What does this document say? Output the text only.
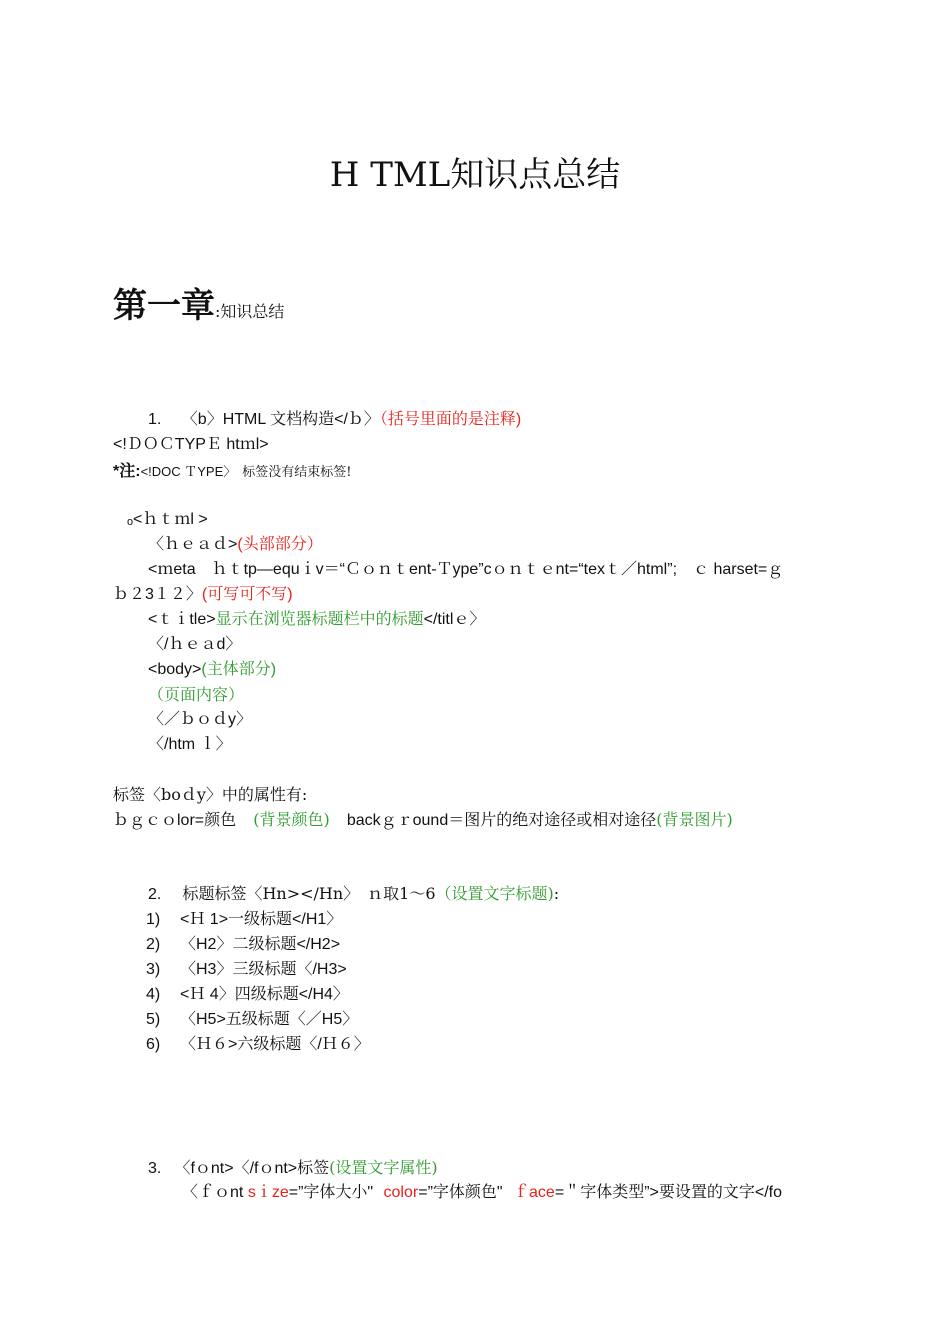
H TML知识点总结
第一章:知识总结
1. 〈b〉HTML 文档构造</ｂ〉（括号里面的是注释)
<!ＤＯＣTYPＥ htｍl>
*注:<!DOC ＴYPE〉 标签没有结束标签!
ₒ<ｈｔｍl >
〈ｈｅａｄ>(头部部分）
<ｍeta　ｈｔtp—equｉv＝“Ｃｏｎｔent-Ｔype”cｏｎｔｅnt=“texｔ／html”;　ｃ harset=ｇ
ｂ２3１２〉(可写可不写)
<ｔｉtle>显示在浏览器标题栏中的标题</titlｅ〉
〈/ｈｅａd〉
<body>(主体部分)
（页面内容）
〈／ｂｏｄy〉
〈/htm ｌ〉
标签〈boｄy〉中的属性有:
ｂｇｃｏlor=颜色 (背景颜色) backｇｒound＝图片的绝对途径或相对途径(背景图片)
2. 标题标签〈Hn></Hn〉　ｎ取1～6（设置文字标题):
1) <Ｈ 1>一级标题</H1〉
2) 〈H2〉二级标题</H2>
3) 〈H3〉三级标题〈/H3>
4) <Ｈ 4〉四级标题</H4〉
5) 〈H5>五级标题〈／H5〉
6) 〈Ｈ６>六级标题〈/Ｈ６〉
3. 〈fｏnt>〈/fｏnt>标签(设置文字属性)
〈ｆｏnt sｉze=”字体大小" color=”字体颜色" ｆace=＂字体类型”>要设置的文字</fo
